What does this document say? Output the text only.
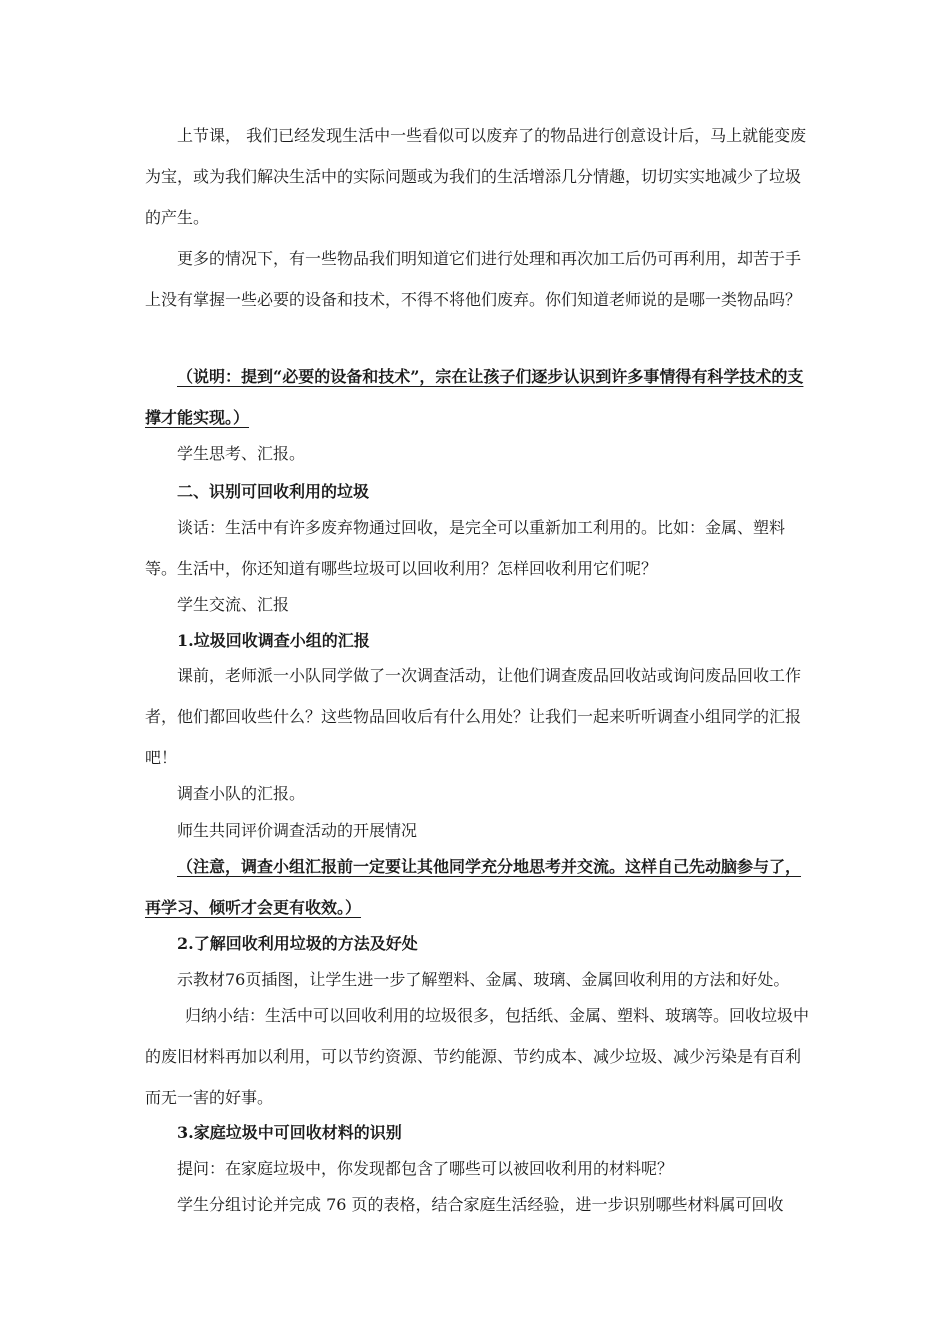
上节课， 我们已经发现生活中一些看似可以废弃了的物品进行创意设计后，马上就能变废为宝，或为我们解决生活中的实际问题或为我们的生活增添几分情趣，切切实实地减少了垃圾的产生。

更多的情况下，有一些物品我们明知道它们进行处理和再次加工后仍可再利用，却苦于手上没有掌握一些必要的设备和技术，不得不将他们废弃。你们知道老师说的是哪一类物品吗？

（说明：提到“必要的设备和技术”，宗在让孩子们逐步认识到许多事情得有科学技术的支撑才能实现。）

学生思考、汇报。

二、识别可回收利用的垃圾

谈话：生活中有许多废弃物通过回收，是完全可以重新加工利用的。比如：金属、塑料等。生活中，你还知道有哪些垃圾可以回收利用？怎样回收利用它们呢？

学生交流、汇报

1.垃圾回收调查小组的汇报

课前，老师派一小队同学做了一次调查活动，让他们调查废品回收站或询问废品回收工作者，他们都回收些什么？这些物品回收后有什么用处？让我们一起来听听调查小组同学的汇报吧！

调查小队的汇报。

师生共同评价调查活动的开展情况

（注意，调查小组汇报前一定要让其他同学充分地思考并交流。这样自己先动脑参与了，再学习、倾听才会更有收效。）

2.了解回收利用垃圾的方法及好处

示教材76页插图，让学生进一步了解塑料、金属、玻璃、金属回收利用的方法和好处。

归纳小结：生活中可以回收利用的垃圾很多，包括纸、金属、塑料、玻璃等。回收垃圾中的废旧材料再加以利用，可以节约资源、节约能源、节约成本、减少垃圾、减少污染是有百利而无一害的好事。

3.家庭垃圾中可回收材料的识别

提问：在家庭垃圾中，你发现都包含了哪些可以被回收利用的材料呢？

学生分组讨论并完成 76 页的表格，结合家庭生活经验，进一步识别哪些材料属可回收
